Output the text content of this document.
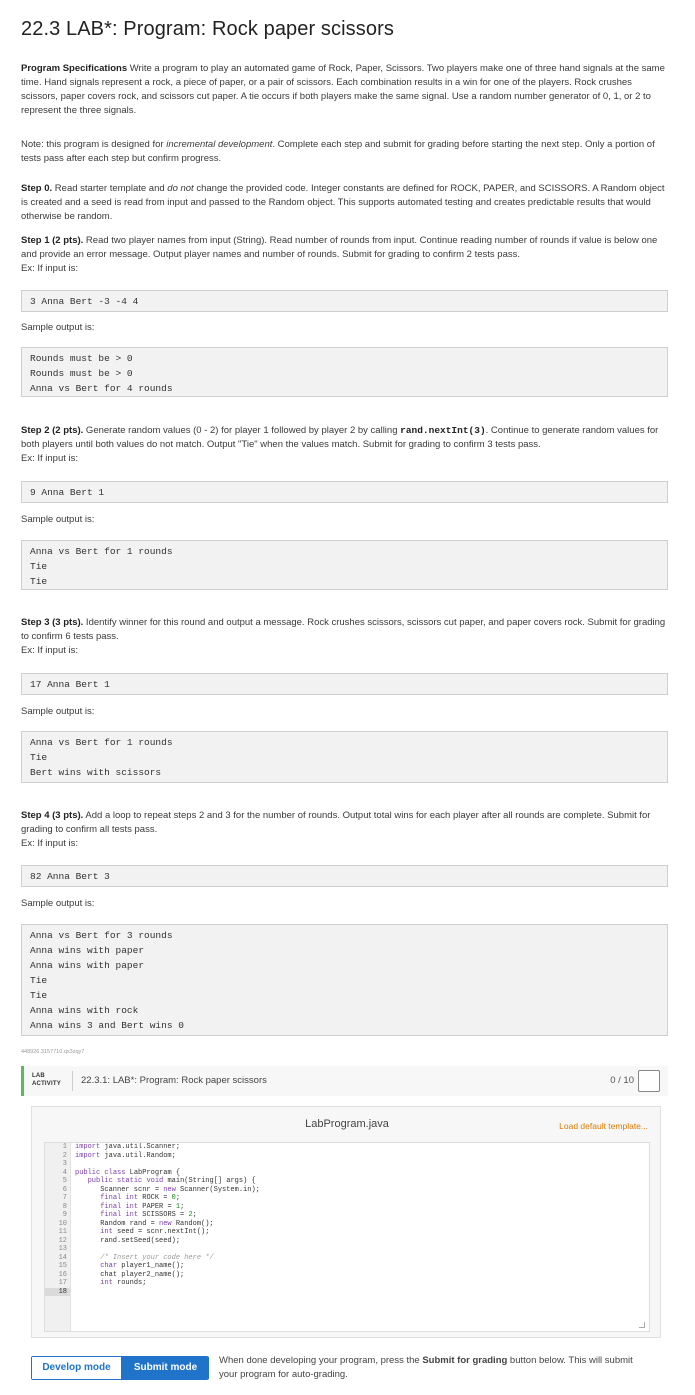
22.3 LAB*: Program: Rock paper scissors

Program Specifications Write a program to play an automated game of Rock, Paper, Scissors. Two players make one of three hand signals at the same time. Hand signals represent a rock, a piece of paper, or a pair of scissors. Each combination results in a win for one of the players. Rock crushes scissors, paper covers rock, and scissors cut paper. A tie occurs if both players make the same signal. Use a random number generator of 0, 1, or 2 to represent the three signals.

Note: this program is designed for incremental development. Complete each step and submit for grading before starting the next step. Only a portion of tests pass after each step but confirm progress.

Step 0. Read starter template and do not change the provided code. Integer constants are defined for ROCK, PAPER, and SCISSORS. A Random object is created and a seed is read from input and passed to the Random object. This supports automated testing and creates predictable results that would otherwise be random.

Step 1 (2 pts). Read two player names from input (String). Read number of rounds from input. Continue reading number of rounds if value is below one and provide an error message. Output player names and number of rounds. Submit for grading to confirm 2 tests pass.
Ex: If input is:

3 Anna Bert -3 -4 4

Sample output is:

Rounds must be > 0
Rounds must be > 0
Anna vs Bert for 4 rounds

Step 2 (2 pts). Generate random values (0 - 2) for player 1 followed by player 2 by calling rand.nextInt(3). Continue to generate random values for both players until both values do not match. Output "Tie" when the values match. Submit for grading to confirm 3 tests pass.
Ex: If input is:

9 Anna Bert 1

Sample output is:

Anna vs Bert for 1 rounds
Tie
Tie

Step 3 (3 pts). Identify winner for this round and output a message. Rock crushes scissors, scissors cut paper, and paper covers rock. Submit for grading to confirm 6 tests pass.
Ex: If input is:

17 Anna Bert 1

Sample output is:

Anna vs Bert for 1 rounds
Tie
Bert wins with scissors

Step 4 (3 pts). Add a loop to repeat steps 2 and 3 for the number of rounds. Output total wins for each player after all rounds are complete. Submit for grading to confirm all tests pass.
Ex: If input is:

82 Anna Bert 3

Sample output is:

Anna vs Bert for 3 rounds
Anna wins with paper
Anna wins with paper
Tie
Tie
Anna wins with rock
Anna wins 3 and Bert wins 0
448926.3157710.qx3zqy7
LAB
ACTIVITY 22.3.1: LAB*: Program: Rock paper scissors	0 / 10
LabProgram.java	Load default template...
1
2
3
4
5
6
7
8
9
10
11
12
13
14
15
16
17
18
import java.util.Scanner;
import java.util.Random;

public class LabProgram {
public static void main(String[] args) {
Scanner scnr = new Scanner(System.in);
final int ROCK = 0;
final int PAPER = 1;
final int SCISSORS = 2;
Random rand = new Random();
int seed = scnr.nextInt();
rand.setSeed(seed);

/* Insert your code here */
char player1_name();
chat player2_name();
int rounds;

Develop mode	Submit mode
When done developing your program, press the Submit for grading button below. This will submit your program for auto-grading.
